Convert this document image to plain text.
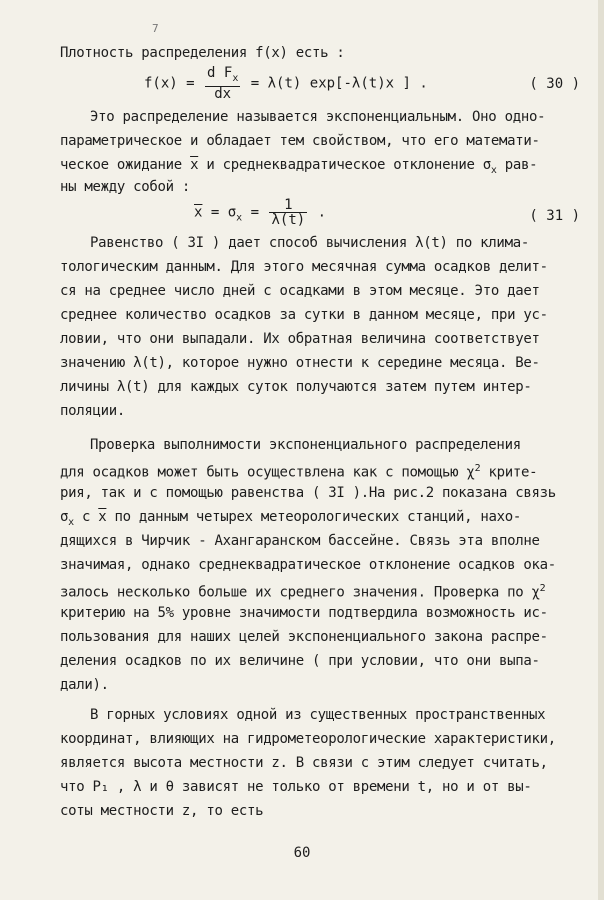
7
Плотность распределения f(x) есть :
$f(x) = \frac{d F_x}{dx} = \lambda(t)$ exp[-λ(t)x ] .	( 30 )
Это распределение называется экспоненциальным. Оно одно-
параметрическое и обладает тем свойством, что его математи-
ческое ожидание $\overline{x}$ и среднеквадратическое отклонение $\sigma_x$ рав-
ны между собой :
$\overline{x} = \sigma_x = \frac{1}{\lambda(t)}$ .	( 31 )
Равенство ( 3I ) дает способ вычисления λ(t) по клима-
тологическим данным. Для этого месячная сумма осадков делит-
ся на среднее число дней с осадками в этом месяце. Это дает
среднее количество осадков за сутки в данном месяце, при ус-
ловии, что они выпадали. Их обратная величина соответствует
значению λ(t), которое нужно отнести к середине месяца. Ве-
личины λ(t) для каждых суток получаются затем путем интер-
поляции.
Проверка выполнимости экспоненциального распределения
для осадков может быть осуществлена как с помощью $\chi^2$ крите-
рия, так и с помощью равенства ( 3I ).На рис.2 показана связь
$\sigma_x$ с $\overline{x}$ по данным четырех метеорологических станций, нахо-
дящихся в Чирчик - Ахангаранском бассейне. Связь эта вполне
значимая, однако среднеквадратическое отклонение осадков ока-
залось несколько больше их среднего значения. Проверка по $\chi^2$
критерию на 5% уровне значимости подтвердила возможность ис-
пользования для наших целей экспоненциального закона распре-
деления осадков по их величине ( при условии, что они выпа-
дали).
В горных условиях одной из существенных пространственных
координат, влияющих на гидрометеорологические характеристики,
является высота местности z. В связи с этим следует считать,
что P₁ , λ и θ зависят не только от времени t, но и от вы-
соты местности z, то есть
60
